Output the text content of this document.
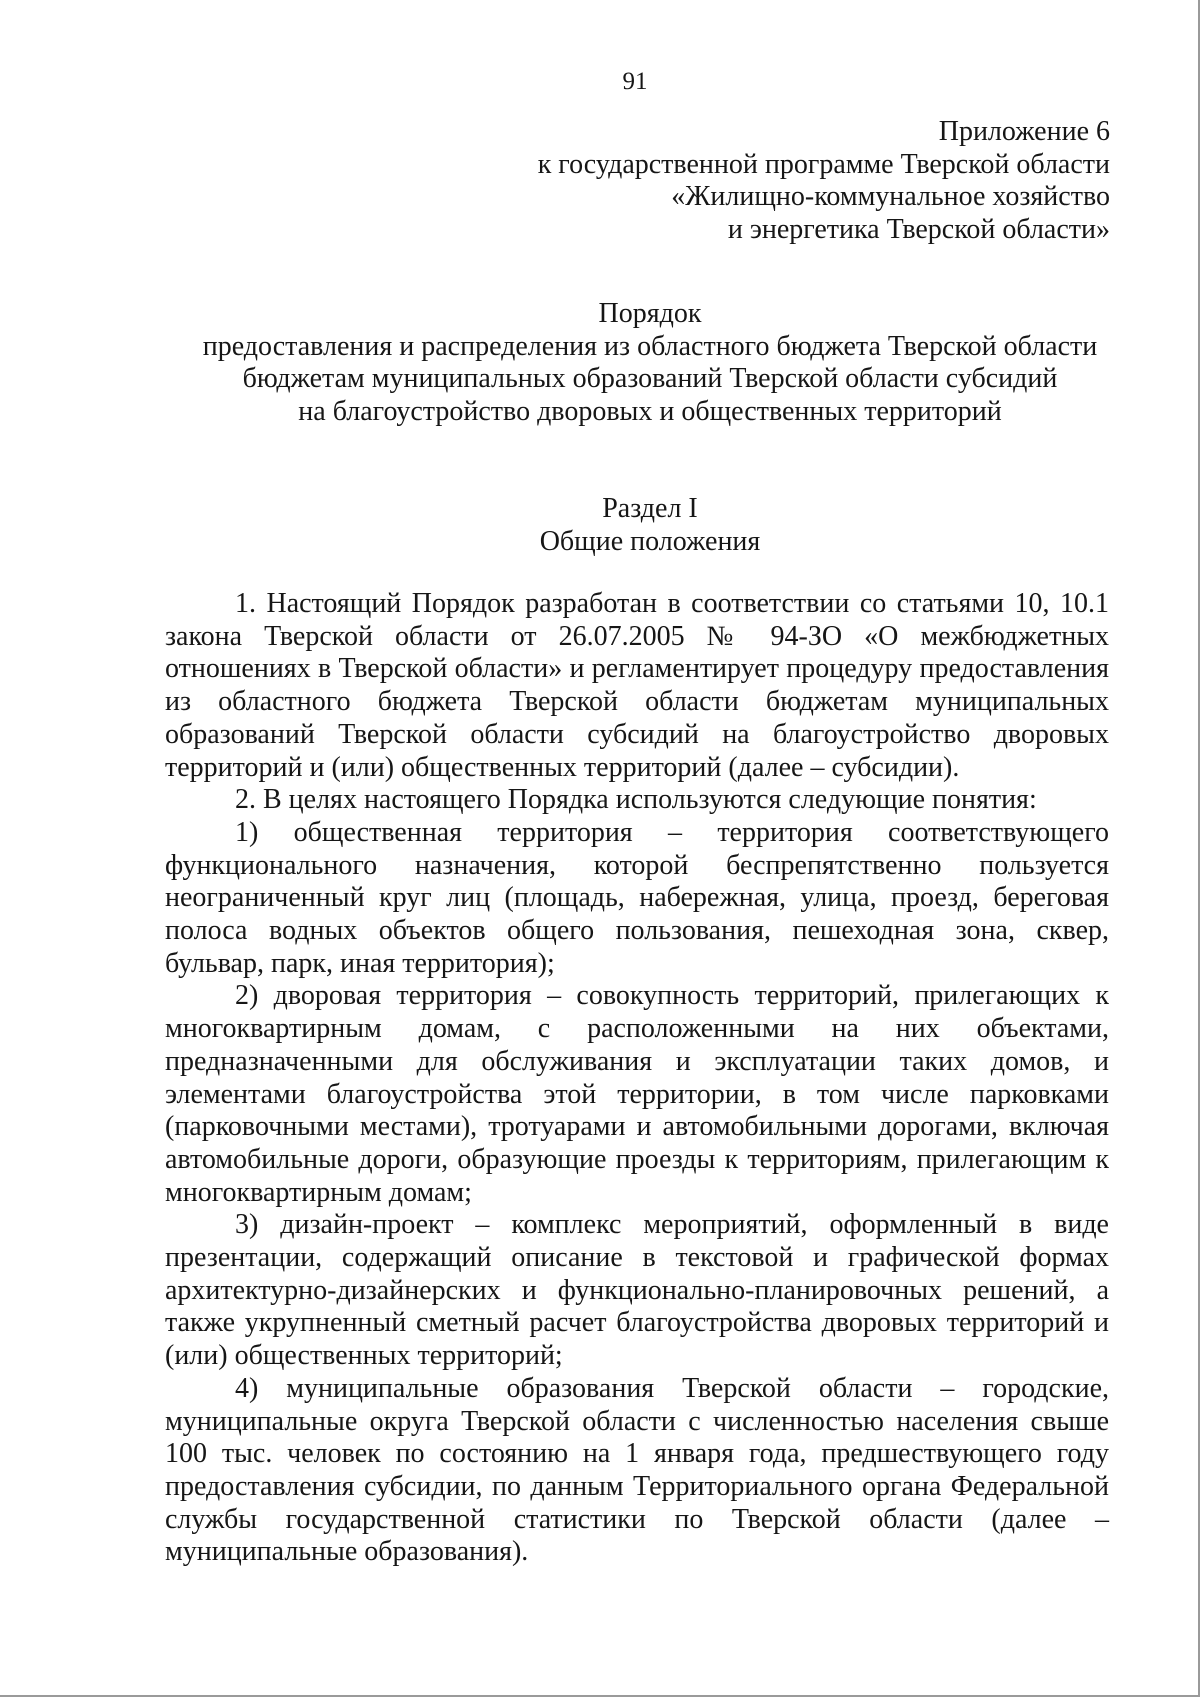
91
Приложение 6
к государственной программе Тверской области
«Жилищно-коммунальное хозяйство
и энергетика Тверской области»
Порядок
предоставления и распределения из областного бюджета Тверской области
бюджетам муниципальных образований Тверской области субсидий
на благоустройство дворовых и общественных территорий
Раздел I
Общие положения

1. Настоящий Порядок разработан в соответствии со статьями 10, 10.1 закона Тверской области от 26.07.2005 № 94-ЗО «О межбюджетных отношениях в Тверской области» и регламентирует процедуру предоставления из областного бюджета Тверской области бюджетам муниципальных образований Тверской области субсидий на благоустройство дворовых территорий и (или) общественных территорий (далее – субсидии).

2. В целях настоящего Порядка используются следующие понятия:

1) общественная территория – территория соответствующего функционального назначения, которой беспрепятственно пользуется неограниченный круг лиц (площадь, набережная, улица, проезд, береговая полоса водных объектов общего пользования, пешеходная зона, сквер, бульвар, парк, иная территория);

2) дворовая территория – совокупность территорий, прилегающих к многоквартирным домам, с расположенными на них объектами, предназначенными для обслуживания и эксплуатации таких домов, и элементами благоустройства этой территории, в том числе парковками (парковочными местами), тротуарами и автомобильными дорогами, включая автомобильные дороги, образующие проезды к территориям, прилегающим к многоквартирным домам;

3) дизайн-проект – комплекс мероприятий, оформленный в виде презентации, содержащий описание в текстовой и графической формах архитектурно-дизайнерских и функционально-планировочных решений, а также укрупненный сметный расчет благоустройства дворовых территорий и (или) общественных территорий;

4) муниципальные образования Тверской области – городские, муниципальные округа Тверской области с численностью населения свыше 100 тыс. человек по состоянию на 1 января года, предшествующего году предоставления субсидии, по данным Территориального органа Федеральной службы государственной статистики по Тверской области (далее – муниципальные образования).
